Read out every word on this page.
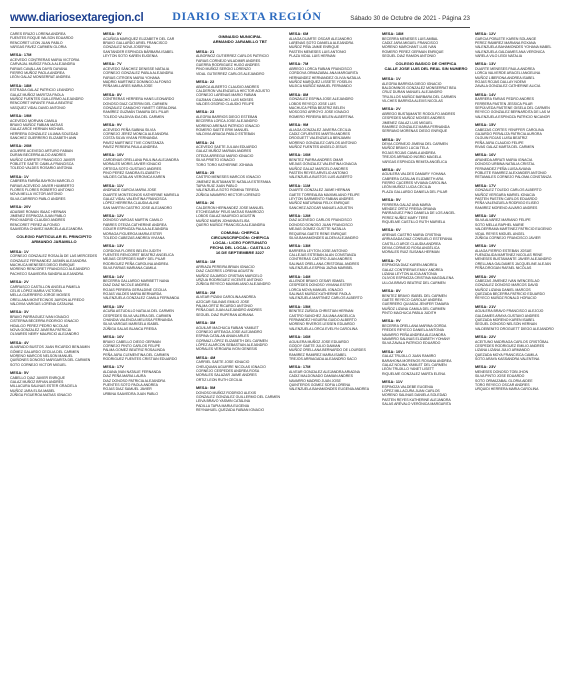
www.diariosextaregion.cl DIARIO SEXTA REGIÓN	Sábado 30 de Octubre de 2021 - Página 23
CARES ERAZO LORENA ANDREA
FUENTES ROQUE WILSON EDUARDO
RENCORET LEON JUAN PABLO
VARGAS PAVEZ CARMEN GLORIA
MESA: 17M
ACEVEDO CONTRERAS MARIA VICTORIA
CARVAJAL MUÑOZ PAOLA ALEJANDRA
FARIAS CAVALLAN DAYSI DAYANA
FIERRO MUÑOZ PAOLA ANDREA
LEÓN GALAZ MONSERRAT ANDREA
MESA: 18M
ESTRADA GALAZ PATRICIO LEANDRO
GALAZ MUÑOZ MARITZA PAOLA
MUÑOZ FUENTES GUILLERMO ALEJANDRO
RENCORET INFANTE PAULA BEATRIZ
VASQUEZ VIDAL DAVID ANTONIO
MESA: 19M
ACEVEDO MORVAN CAMILA
BRAVO MUÑOZ FABIAN MATIAS
GALAZ ARCE HERNAN MICHAEL
HERRERA GONZALEZ LILIANA SOLEDAD
SANCHEZ GUERRERO ELIZABETH ANN
MESA: 20M
AGUIRRE ACEVEDO ARTURO FABIAN
DURAN BECERRA ALDO ANDRES
MUÑOZ CARRETE FRANCISCO JAVIER
POBLETE SAETE CAMILA FRANCISCA
TOLEDO VALDES ROSARIO ANTONIA
MESA: 1V
CABRERA FARIÑA BAYRON MARCELO
FARIAS ACEVEDO JAVIER HUMBERTO
FLORES FLORES ROBERTO ANTONIO
NOVA MELLA VICTOR ANTONIO
SILVA CARRERO PABLO ANDRES
MESA: 20V
ADASME ROMAN ISAAC HERNAN
JIMENEZ ESPINOZA JUAN PABLO
PINO MADRID CLAUDIO ANDRES
RENCORET PEREZ ALFONSO
SAAVEDRA CHAVEZ MARCELA ALEJANDRA
COLEGIO PARTICULAR EL PRINCIPITO
ARMANDO JARAMILLO
MESA: 1V
CORNEJO GONZALEZ ROSALÍA DE LAS MERCEDES
GONZALEZ FERNANDEZ JASMÍN ALEJANDRA
MACHUCA MENESES DIEGO ENRIQUE
MORENO RENCORET FRANCISCO ALEJANDRO
PACHECO SAAVEDRA SANDRA ALEJANDRA
MESA: 2V
CARRASCO CASTILLON ANGELA PAMELA
CELIS LÓPEZ MARIA VICTORIA
MELLA GUERRERO JORGE MOISES
ORELLANA MONTECINOS JAIRON ALFREDO
VALDIVIA VARGAS LORENA CATALINA
MESA: 3V
BRAVO PARRAGUEZ IVAN IGNACIO
CISTERNA BECERRA RODRIGO IGNACIO
HIDALGO PEREZ PEDRO NICOLAS
NOVA GONZALEZ JAVIERA PATRICIA
OLIVARES NEIRY MAURICIO ALEJANDRO
MESA: 4V
ALVARADO BUSTOS JUAN RICARDO BENJAMIN
GÓMEZ GALARDO CECILIA DEL CARMEN
MORENO MARCOS NELSON MANUEL
QUIÑONES DONOSO MARGARITA DEL CARMEN
SOTO CORNEJO VICTOR MIGUEL
MESA: 5V
CABELLO DIAZ JAVIER ENRIQUE
GALAZ MUÑOZ BRYAN ANDRES
MILLACURA SALINAS ESTER GRACIELA
MUÑOZ JARA ELSA MABEL
ZÚÑIGA FIGUEROA MATIAS IGNACIO
MESA: 5V
ACUÑIGA MARIQUEZ ELIZABETH DEL CAR
BRAVO GALLARDO ARIEL FRANCISCO
GONZALEZ NOVA JOSEFINA
SANTANDER ESPINOZA BÁRBARA ISABEL
LEYTON SOTO KAREN EUGENIA
MESA: 7V
ACEVEDO SÁNCHEZ DENISSE NATALIA
CORNEJO GONZALEZ PABLA ALEJANDRA
FARIAS CITROEN MARIA YOHANA
MADRID MARTINEZ DOMINGO ALFONSO
PEÑA MILLARES MARIA JOSE
MESA: 8V
CONTRERAS HERRERA HANS LEONARDO
DONOSO DIAZ CATERIN DEL CARMEN
GONZALEZ CAMACHO YANETT GERALDINA
RAMÍREZ GUZMÁN TAMARA DEL PILAR
TOLEDO VALDIVIA IDA DEL CARMEN
MESA: 9V
ACEVEDO PEÑA SABINA SILVIA
CORNEJO JEREZ MONICA ALEJANDRA
COSTA SILVA VIVIAN FERNANDA
PAVEZ MARTINEZ TIVE CONSTANZA
PAVEZ PEREIRA PAULA ANDREA
MESA: 10V
CARDENAS ORELLANA PAULINA ALEJANDRA
MORALES MORIS JAVIER IGNACIO
ORTEGA SOTO GUSTAVO ANDRES
PINO PEREZ SANDRA ELIZABETH
VALDES CATALAN VERONICA KAREN
MESA: 11V
ANDRADE GARCIA MARIA JOSE
DUARTE MONTECINOS KATHERINE MARIELA
GALAZ VIDAL VALENTINA FRANCISCA
LÓPEZ HERRERA CLAUDIA ALINE
SAN MARTIN CASTRO JOSE ALEJANDRO
MESA: 12V
DONOSO VARGAS MARTIN CAMILO
FABRES OTEIZA CATHERINE ANDREA
GOLIER ESPINOZA PAULA ALEJANDRA
MORAGA FIGUEROA MARIA ESTER
TOLEDO CABEZAS ANDREA VIVIANA
MESA: 13V
CORDOVA FLORES BELEN JUDITH
FUENTES RENCORET BEATRIZ ANGELICA
MEJIAS CESPEDES MARY DEL PILAR
RODRIGUEZ PEÑA CAROLINA ANDREA
SILVA FARIAS MARIANA CAMILA
MESA: 14V
BECERRA GALLARDO MARIBETT NANA
DIAZ DIAZ NICOLE ANDREA
ROJAS PEREIRA GERALDINE CECILIA
ROJAS VALDES MARIA BERNARDA
VALENZUELA GONZALEZ CAMILA FERNANDA
MESA: 15V
ACUÑA ASTUDILLO NATALIA DEL CARMEN
CESPEDES SILVA VALERIA DEL CARMEN
CHANDIA VALENCIA MELISSA FERNANDA
SILVA VARGAS MARISELA ISABEL
ZÚÑIGA SALAS BLANCA FRESIA
MESA: 16V
BRAVO CABELLO DIEGO GERMAN
CORNEJO PINTO CARLOS FELIPE
PALMA GOMEZ BEATRIZ ROSALINDA
PEÑA JARA CLEMENTINA DEL CARMEN
RODRIGUEZ FUENTES CRISTIAN EDUARDO
MESA: 17V
ALDANA IVAN NATALIE FERNANDA
DIAZ PEÑA MARIA LAURA
DIAZ DONOSO PATRICIA ALEJANDRA
PUENTES SOTO PAOLA ANDREA
ROJAS DIAZ SAMUEL JAVIER
URBINA SAAVEDRA JUAN PABLO
GIMNASIO MUNICIPAL
ARMANDO JARAMILLO TBT
MESA: 21
ALBORNOZ GUTIERREZ CARLOS PATRICIO
FARIAS CORNEJO WLADIMIR ANDRES
GUERRA RODRIGUEZ HUGO ANDRES
PINO MUÑOZ SERGIO LORENZO
VIDAL GUTIERREZ CARLOS ALEJANDRO
MESA: 22
ABARCA ALBERTO CLAUDIO ANDRES
CALDERON VALENZUELA HECTOR AGUSTO
CORNEJO LARENAS MARIO FABIAN
GUZMAN CAMACHO LUIS MOISES
VALDES OSORIO CLAUDIO FELIPE
MESA: 23
ALEGRIA BARRIOS DIEGO ESTEBAN
BECERRA LORCA JOSE ALEJANDRO
MORENO ARENAS PATRICIO IGNACIO
ROMERO SAETE ERIK MANUEL
VALDIVIA ARIAGA PABLO ESTEBAN
MESA: 24
ACEVEDO SAETE JULIAN EDUARDO
GALAZ MUÑOZ MARIAN ANDRES
OTEIZA ARREGUI MARIO IGNACIO
SILVA PRIETO IGNACIO
TORO TORO KATHERINE JOHANA
MESA: 25
CASTRO MENESES MARCOS IGNACIO
JIMENEZ BUSTAMANTE NATALIA ESTEFANIA
TAPIA RUIZ JUAN PABLO
VALENZUELA SOTO ROMINA TERESA
ZÚÑIGA NAVARRO HECTOR LORENZO
MESA: 26
CALDERON HERNANDEZ JOSE MANUEL
ETCHEGARAY PEUS MATIAS RAMIROZO
LOBOS GALAZ MAURICIO AGUSTIN
MUÑOZ MARIN JOHANNA ELISA
QUERO MUÑOZ FRANCISCA ALEJANDRA
COMUNA: CHEPICA
CIRCUNSCRIPCIÓN: CHEPICA
LOCAL: LICEO FORTUNATO
FECHA DEL LOCAL: CASTILLO
16 DE SEPTIEMBRE 3227
MESA: 1M
ARRIAZA PEREIRA BRIAN IGNACIO
DIAZ CACERES LORENA AGUSTIN
MUÑOZ GAJARDO CRISTIAN MARCELO
URZUA RODRIGUEZ VICENTE ANTONIO
ZÚÑIGA REYECO MAXIMILIANO ALEJANDRO
MESA: 2M
ALVEAR PIZANI CAROLINA ANDREA
AZOCAR SALINAS EMILIO JOSE
PALMA ORTIZ RICARDO ANTONIO
PEÑA DIAS JUAN ALEJANDRO ANDRES
SEGUEL DIAZ RUPERAN ADRIANA
MESA: 3M
AGUILAR MACHUCA FABIAN YAMILET
CORNEJO ARTEAGA JOSE ALEJANDRO
ESPINA CATALAN ANIAN ARLES
GORMAZ LÓPEZ ELIZABETH DEL CARMEN
LÓPEZ ALARCON SEBASTIAN ALEJANDRO
MORALES VERGARA IVON GENESIS
MESA: 4M
CARRIEL SAETE JOSE IGNACIO
CHEUQUIAN AGUIRRE NICOLAS IGNACIO
CORNEJO CESPEDES ANDREA ROSA
MORALES SALAZAR JAIME ANDRES
ORTIZ LEON RUTH CECILIA
MESA: 5M
DONOSO MUÑOZ RODRIGO ALEXIS
GONZALEZ GONZALEZ GUILLERMO DEL CARMEN
LEIVA BRAVO YASMIN CATALINA
PADILLA TAPIA MARIA EUGENIA
REYNAHUEL QUEZADA FABIAN IGNACIO
MESA: 6M
ALIAGA DUARTE OSCAR ALEJANDRO
LARENAS SOTO DANIELA ALEJANDRA
MUÑOZ PIÑA JAIME ENRIQUE
PASTEN MENESES LUIS ANTONIO
PLAZA VIDAL LUIS HERNAN
MESA: 7M
ABREGO LORCA FABIAN FRANCISCO
CORDOVA ORMAZABAL ANA MARGARITA
HERNANDEZ HERNANDEZ OLIVIA NATALIA
MUÑOZ MARQUEZ LISSETE YOSELIN
MUJICA MUÑOZ MANUEL FERNANDO
MESA: 8M
GONZALEZ ESPINA JOSE ALEJANDRO
LOBOS REYECO JOSE LUIS
MACHUCA PEÑA BEATRIZ BELEN
MOSCOSO ARROYO JOSE IGNACIO
ROMERO PEREIRA BELEN ALBERTINA
MESA: 9M
ALIAGA GONZALEZ JAVIERA CECILIA
CADIZ CIFUENTES MARTIN ANDRES
DROGUETT VALENZUELA BENJAMIN
MORENO GONZALEZ CARLOS ANTONIO
MUÑOZ FUENTES ANGELO JESUS
MESA: 10M
BENITEZ PARRA ANDRES OMAR
MEJIAS GONZALEZ VALENTINA IGNACIA
MUÑOZ GALAZ MARCELO ANDRES
PASTEN REYES ARVELIO ANTONIO
VALENZUELA BUSTOS LUIS ALBERTO
MESA: 11M
DUARTE GONZALEZ JAIME HERNAN
GAETE TORREALBA MAXIMILIANO FELIPE
LEYTON SARMIENTO FABIAN ANDRES
MUÑOZ MATURANA FELIX ENRIQUE
SANCHEZ AZOCAR MANUEL AGUSTIN
MESA: 12M
DIAZ ACEVEDO CARLOS FRANCISCO
DONOSO DONOSO JUAN FRANCISCO
MEJIAS GOMEZ GUSTTE NATALIA
REQUENA GAETE RENE ENRIQUE
SILVA BAHAMONDES ALDEN ALEJANDRO
MESA: 13M
BARRERA LEYTON JOSE ANTONIO
CALLEJAS ESTEBAN ALAN CONSTANZA
CONTRERAS CASTRO JUAN ANDRES
SALINAS ORELLANA CRISTOBAL ANDRES
VALENZUELA ESPINA JAZNA MARIBEL
MESA: 14M
ALLENDE BRAVO CESAR ISMAEL
CESPEDES DONOSO VIVIANA ESTER
LORCA MOYA MANUEL IGNACIO
SALINAS MUÑOZ KATHERINE PAOLA
VALENZUELA MARTINEZ CARLOS ALBERTO
MESA: 15M
BENITEZ ZUÑIGA CHRISTIAN HERNAN
CASTRO SANCHEZ JULIANA ANGELICA
FERNANDEZ HIGUERA GUIDO ALBERTO
MORENO RIVEROS LESSEN EDUARDO
VALENZUELA LORCA EVELYN CAROLINA
MESA: 16M
AGUILERA MUÑOZ JOSE EDUARDO
GODOY GAETE JULIO DAMIAN
MUÑOZ ORELLANA BERNARDO DE LOURDES
RAMIREZ RAMIREZ MARIA ISABEL
TREJOS ARRIAGADA ALEJANDRO SACO
MESA: 17M
ALVEAR GONZALEZ ALEJANDRA ARIADNA
CADIZ MALDONADO DAMIAN ANDRES
NAVARRO MADRID JUAN JOSE
QUINTEROS GOMEZ SOFIA LORENA
VALENZUELA BAHAMONDES EUGENIA ANDREA
MESA: 18M
BECERRA MENESES LUIS AMBAL
CADIZ JARA MIGUEL FRANCISCO
MORENO MARCHANT LUIS IVAN
ROMERO PEREZ GERMAN ENRIQUE
SEGUEL DIAZ RAMON ANTONIO
COLEGIO BASICO DE CHEPICA
CALLE JOSE LUIS DEL REAL SIN NUMERO
MESA: 1V
ALEGRIA BARRIGA DIEGO IGNACIO
BALDOMINOS GONZALEZ MONSERRAT BEA
CRUZ DURAN MANUEL ALEJANDRO
TRUJILLOS MUÑOZ BARBARA DEL CARMEN
VILCHES BARRIGA ALEXIS NICOLAS
MESA: 2V
ABREGO BUSTAMANTE RODOLFO ANDRES
CESPEDES MUÑOZ MOISES ANDRES
JIMENEZ GALAZ LUIS MIGUEL
RAMIREZ GONZALEZ MARIA FERNANDA
SERRANO MORENAS DIEGO ENRIQUE
MESA: 3V
DEVIA CORNEJO JIMENA DEL CARMEN
MUÑOZ BRAVO LUCIA TELA
ROJAS ROJAS CAMILA ANDREA
TREJOS ARRIADO INGRID MAGELA
VARGAS ESPINOZA REMITA ANGÉLICA
MESA: 4V
AGUILERA VALDES DAMARY YOHANA
CABRERA CATALAN ELIZABETH ARA
FIERRO CACERES VIVIANA CAROLINA
LEÓN MUÑOZ LUCIA CECILIA
PLAZA GALLARDO DANIELA DEL PILAR
MESA: 5V
FERRERA GALAZ ANA MARIA
MENDEZ ORTIZ FRESIA ORIANA
PARRAGUEZ PINO DANIELA DE LOS ANGEL
PEREZ NUÑEZ MARY TERE
RIQUELME CASTILLO RUTH MARIELA
MESA: 6V
ARENAS CASTRO MARIA CRISTINA
ARRIAGADA DIAZ CONSUELO ESTEFANIA
CASTILLO ARCE CLAUDIA ANDREA
DEVIA CORNEJO ROSA ANGÉLICA
MORALES RUIZ SUSANA HERMAN
MESA: 7V
ESPINOSA DIAZ KAREN ANDREA
GALAZ CONTRERAS EMILY ANDREA
LIZANA LEYTON ALICIA ANTONIA
OLIVOS ESPINOZA CRISTINA MAGDALENA
ULLOA BRAVO BEATRIZ DEL CARMEN
MESA: 8V
BENITEZ BRAVO ISABEL DEL CARMEN
GAETE REYECO CAROLAY ANDREA
GUERRERO QUIJADA JENIFER TAMARA
MUÑOZ LIZANA CAMILA DEL CARMEN
PINTO MACHUCA PABLA JUDITH
MESA: 9V
BECERRA ORELLANA MARINA GORDA
FREDES REYECO DANIELA ANTONIA
NAVARRO PEÑA ANDREA ALEJANDRA
NAVARRO SALINAS ELIZABETH YOHANY
SILVA ZAVALA PATRICIO EDUARDO
MESA: 10V
GALAZ TRUJILLO JUAN RAMIRO
BARAHONA MORENOS ROXANA ANDREA
GALAZ NOLINA YAMILET DEL CARMEN
LEÓN TRUJILLO YANET LISETT
RIQUELME GONZALEZ MARTA ELENA
MESA: 11V
ESPINOZA VALDEBE EUGENIA
LÓPEZ MILLACURA JUAN CARLOS
MORENO SALINAS DANIELA SOLEDAD
PASTEN REYES KATHERINE ALEJANDRA
SALAS ARÉVALO VERÓNICA MARGARITA
MESA: 12V
GARCIA POBLETE KAREN SOLANGE
PEREZ RAMIREZ MARIANA ROXANA
VALENZUELA BAHAMONDES YOHANA MABEL
VALENZUELA GALDAMES ANA VERONICA
VARELA VILO LEIDI NATALIA
MESA: 13V
DUARTE MENESES PAULA ANDREA
LORCA VALVERDE ARACELI ANGELINA
MUÑOZ LIBERONA ANDREA ISABEL
ROJAS ROJAS DALLAY NOEMI
ZAVALA GONZALEZ CATHERINE ALICIA
MESA: 14V
BARRERA FARIAS PEDRO ANDRES
FERRERA PASTEN JESSICA PILAR
SEPÚLVEDA PASTENE GISELA DEL CARMEN
REYECO GONZALEZ BERNARDITA DE LAS M
VALENZUELA ESPINOZA PATRICIO NICANOR
MESA: 15V
CABEZAS CORTES YENIFFER CAROLINA
GAJARDO PERALIZA PATRICIA AURORA
OLGUIN ROJAS LUISA BEATRIZ
PEÑA JARA CLAUDIO FELIPE
RIVAS GALAZ MARTA DEL CARMEN
MESA: 16V
ARANEDA ARRATI MARIA IGNACIA
DONOSO URBINA NATALIA CRISTAL
FERNANDEZ PEÑA LUISA AVIANA
POBLETE RAMIREZ ALEXANDER ANTONIO
RETAMALES CORNEJO PALOMA CONSTANZA
MESA: 17V
GONZALEZ TOLEDO CARLOS ALBERTO
MUÑOZ VERGARA MARIEL IGNACIA
PASTEN PASTEN CARLOS EDUARDO
PEÑA VALENZUELA RODRIGO ELISEO
RAMIREZ MORENO ALVARO ANDRES
MESA: 18V
SILVA ALVAREZ MARIANO FELIPE
SOTO MELLA RAPHEL MARIE
VALDERRAMA MARTINEZ PATRICIO EUGENIO
VIDAL REYES MIGUEL ANGEL
ZÚÑIGA CORNEJO FRANCISCO JAVIER
MESA: 19V
ALIAGA FIERRO ESTEBAN JOSUE
FUENZALIDA MARTINEZ NICOLAS RENE
MENESES BUSTAMANTE JAVIER ALEJANDRO
ORELLANA GALDAMES JACQUELINE ALEJAN
PEÑA DROGAN RAFAEL NICOLAS
MESA: 20V
CABEZAS JIMENEZ IVAN WENCESLAO
GONZALEZ DONOSO MARCOS DAVID
MUÑOZ LIZANA DANIEL MARCOS
QUEZADA BECERRA PATRICIO EDUARDO
REYECO MUÑOZ RONALD HORACIO
MESA: 21V
AGUILERA BRAVO FRANCISCO ALEJOJO
GALDAMES ARAYA GUSTAVO ANDRES
QUEZADA MORENO KAREN ISABEL
SEGUEL DONOSO NELSON HERNAN
VALDEBENITO DROGUETT DIEGO ALEJANDRO
MESA: 22V
ACEITUNO MADRIAGA CARLOS CRISTÓBAL
CESPEDES RODRIGUEZ EMILIO ANDRES
LIZANA LIZANA JULIO ARMANDO
QUEZADA MOYA FRANCISCA CAMILA
SOTO ARAYA KASSANDRA VALENTINA
MESA: 23V
MENESES DONOSO TOBI JHON
SILVA PINTO JOSE EDUARDO
SOTO ORMAZABAL GLORIA AIDEE
TORO REYECO OSCAR ANDRES
URQUIDI HERRERA MARIA CAROLINA
